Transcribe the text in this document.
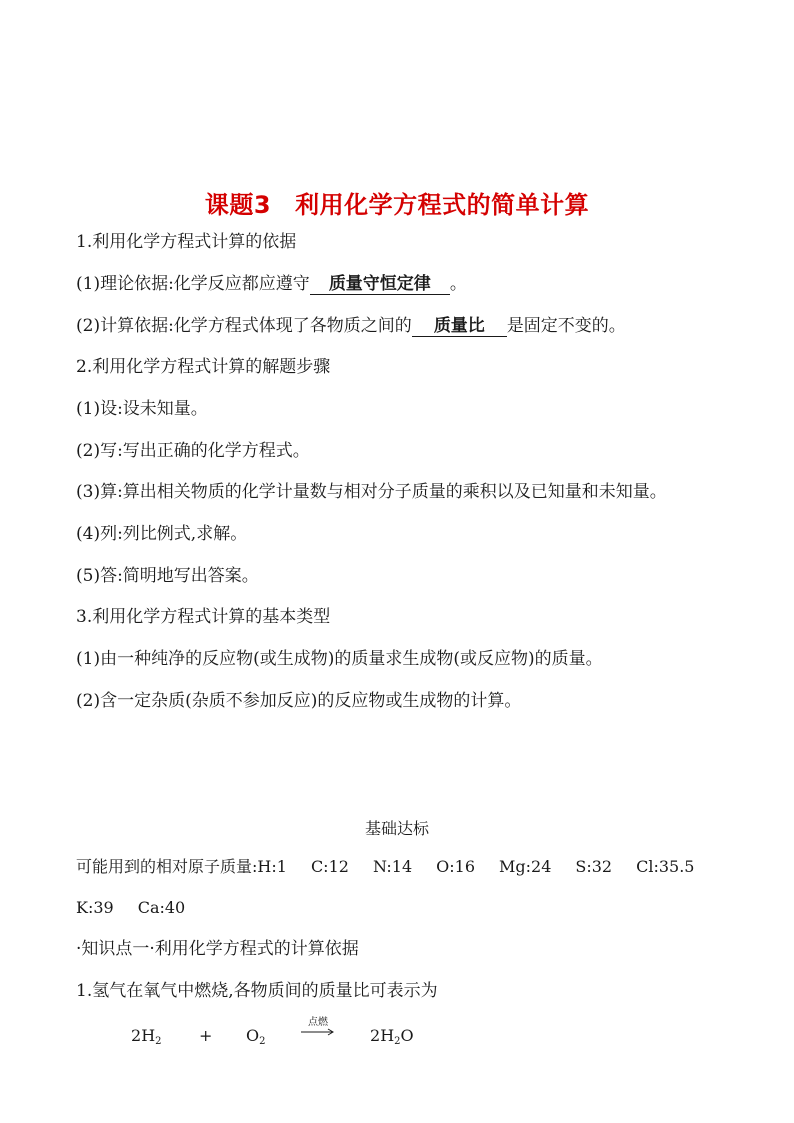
课题3 利用化学方程式的简单计算
1.利用化学方程式计算的依据
(1)理论依据:化学反应都应遵守 质量守恒定律 。
(2)计算依据:化学方程式体现了各物质之间的 质量比 是固定不变的。
2.利用化学方程式计算的解题步骤
(1)设:设未知量。
(2)写:写出正确的化学方程式。
(3)算:算出相关物质的化学计量数与相对分子质量的乘积以及已知量和未知量。
(4)列:列比例式,求解。
(5)答:简明地写出答案。
3.利用化学方程式计算的基本类型
(1)由一种纯净的反应物(或生成物)的质量求生成物(或反应物)的质量。
(2)含一定杂质(杂质不参加反应)的反应物或生成物的计算。
基础达标
可能用到的相对原子质量:H:1 C:12 N:14 O:16 Mg:24 S:32 Cl:35.5
K:39 Ca:40
·知识点一·利用化学方程式的计算依据
1.氢气在氧气中燃烧,各物质间的质量比可表示为
$2H_2 + O_2$
点燃
$2H_2O$
